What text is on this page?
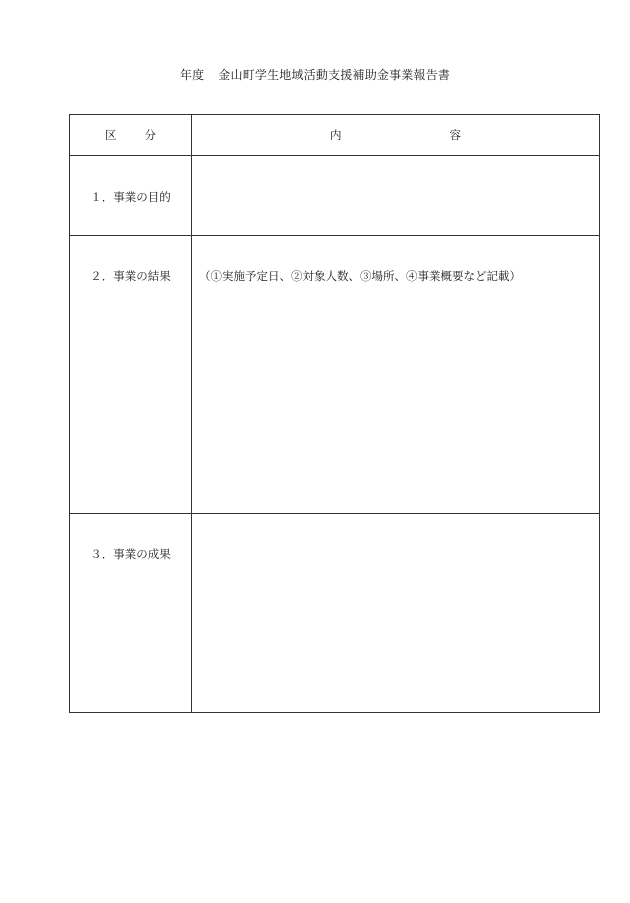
年度 金山町学生地域活動支援補助金事業報告書
区分	内 容

１．事業の目的	

２．事業の結果	（①実施予定日、②対象人数、③場所、④事業概要など記載）

３．事業の成果	
